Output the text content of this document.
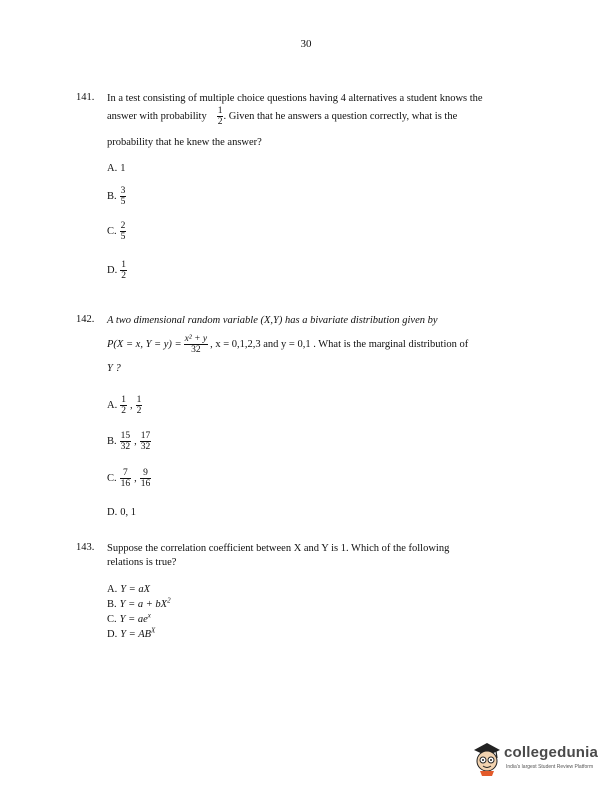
30
141. In a test consisting of multiple choice questions having 4 alternatives a student knows the
answer with probability $\frac{1}{2}$ . Given that he answers a question correctly, what is the
probability that he knew the answer?
A. 1
B. $\frac{3}{5}$
C. $\frac{2}{5}$
D. $\frac{1}{2}$
142. A two dimensional random variable (X,Y) has a bivariate distribution given by
P(X = x, $Y = y) = \frac{\text{x² + y}}{32}$ , x = 0,1,2,3 and y = 0,1 . What is the marginal distribution of
Y ?
A. $\frac{1}{2}$ , $\frac{1}{2}$
B. $\frac{15}{32}$ , $\frac{17}{32}$
C. $\frac{7}{16}$ , $\frac{9}{16}$
D. 0, 1
143. Suppose the correlation coefficient between X and Y is 1. Which of the following
relations is true?
A. Y = aX
B. $Y = a + bX^2$
C. $Y = ae^x$
D. $Y = AB^X$
collegedunia
India's largest Student Review Platform
